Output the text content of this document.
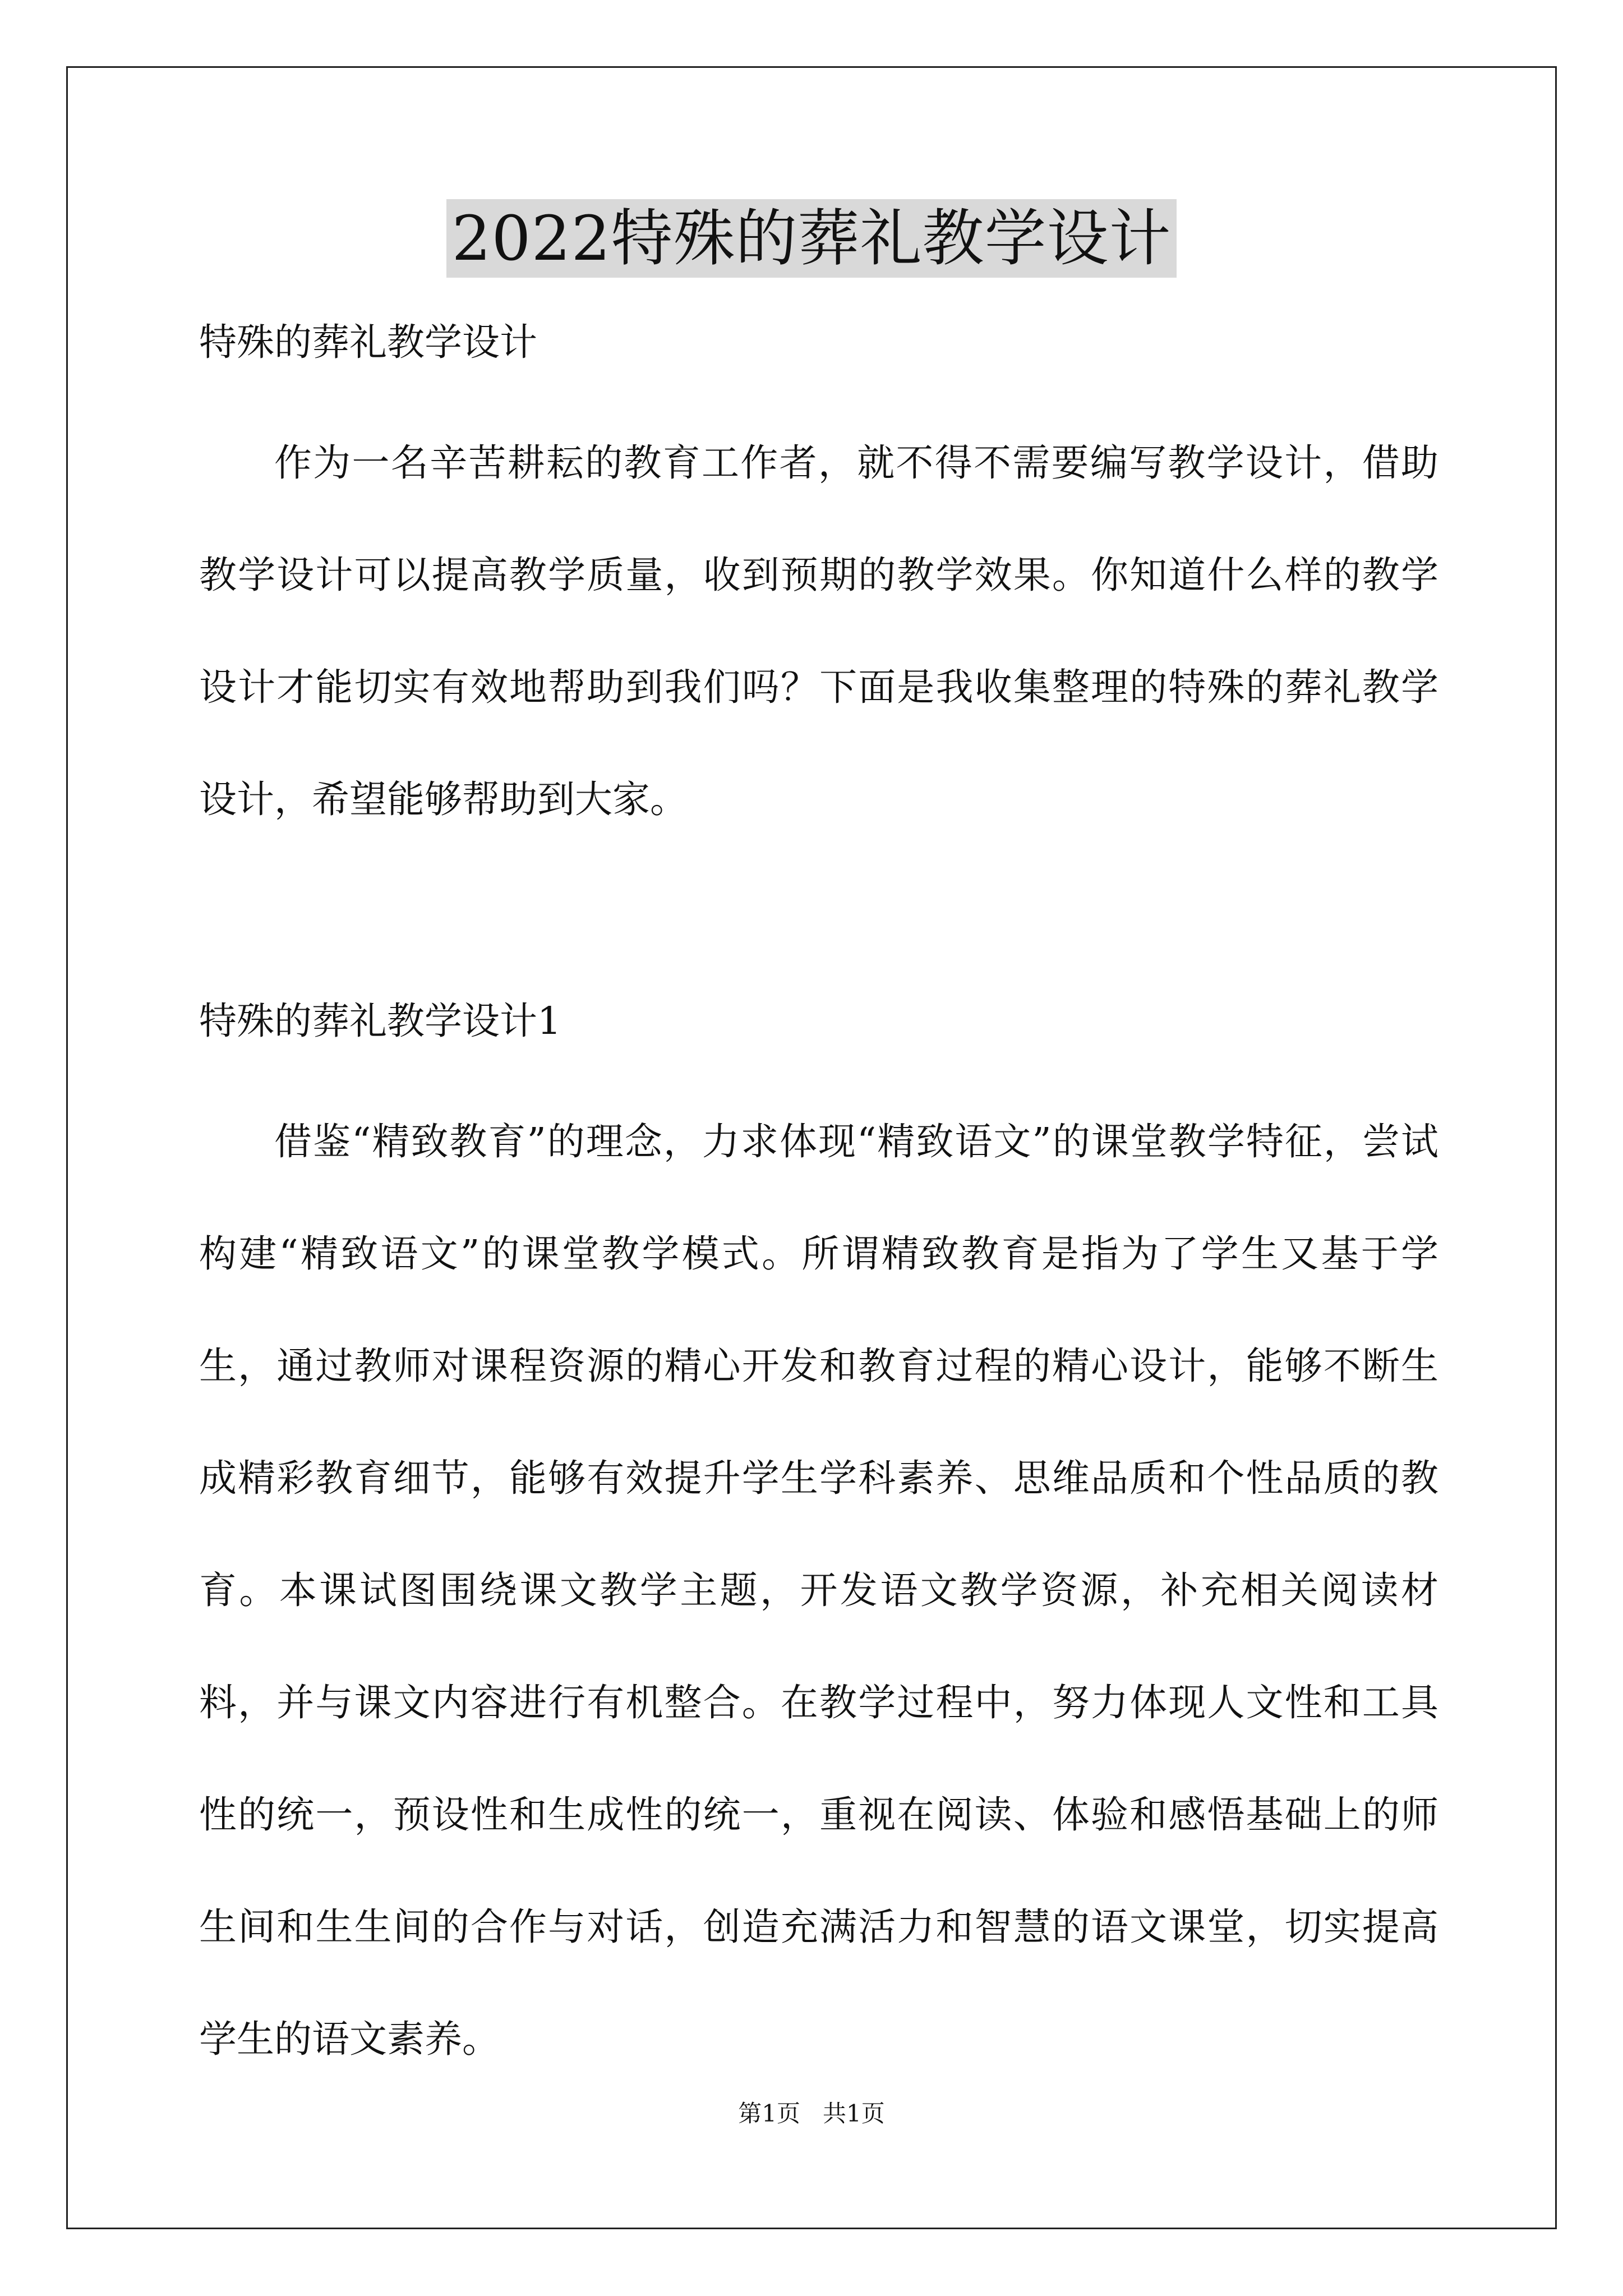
2022特殊的葬礼教学设计

特殊的葬礼教学设计

作为一名辛苦耕耘的教育工作者，就不得不需要编写教学设计，借助教学设计可以提高教学质量，收到预期的教学效果。你知道什么样的教学设计才能切实有效地帮助到我们吗？下面是我收集整理的特殊的葬礼教学设计，希望能够帮助到大家。

特殊的葬礼教学设计1

借鉴“精致教育”的理念，力求体现“精致语文”的课堂教学特征，尝试构建“精致语文”的课堂教学模式。所谓精致教育是指为了学生又基于学生，通过教师对课程资源的精心开发和教育过程的精心设计，能够不断生成精彩教育细节，能够有效提升学生学科素养、思维品质和个性品质的教育。本课试图围绕课文教学主题，开发语文教学资源，补充相关阅读材料，并与课文内容进行有机整合。在教学过程中，努力体现人文性和工具性的统一，预设性和生成性的统一，重视在阅读、体验和感悟基础上的师生间和生生间的合作与对话，创造充满活力和智慧的语文课堂，切实提高学生的语文素养。

第1页   共1页
